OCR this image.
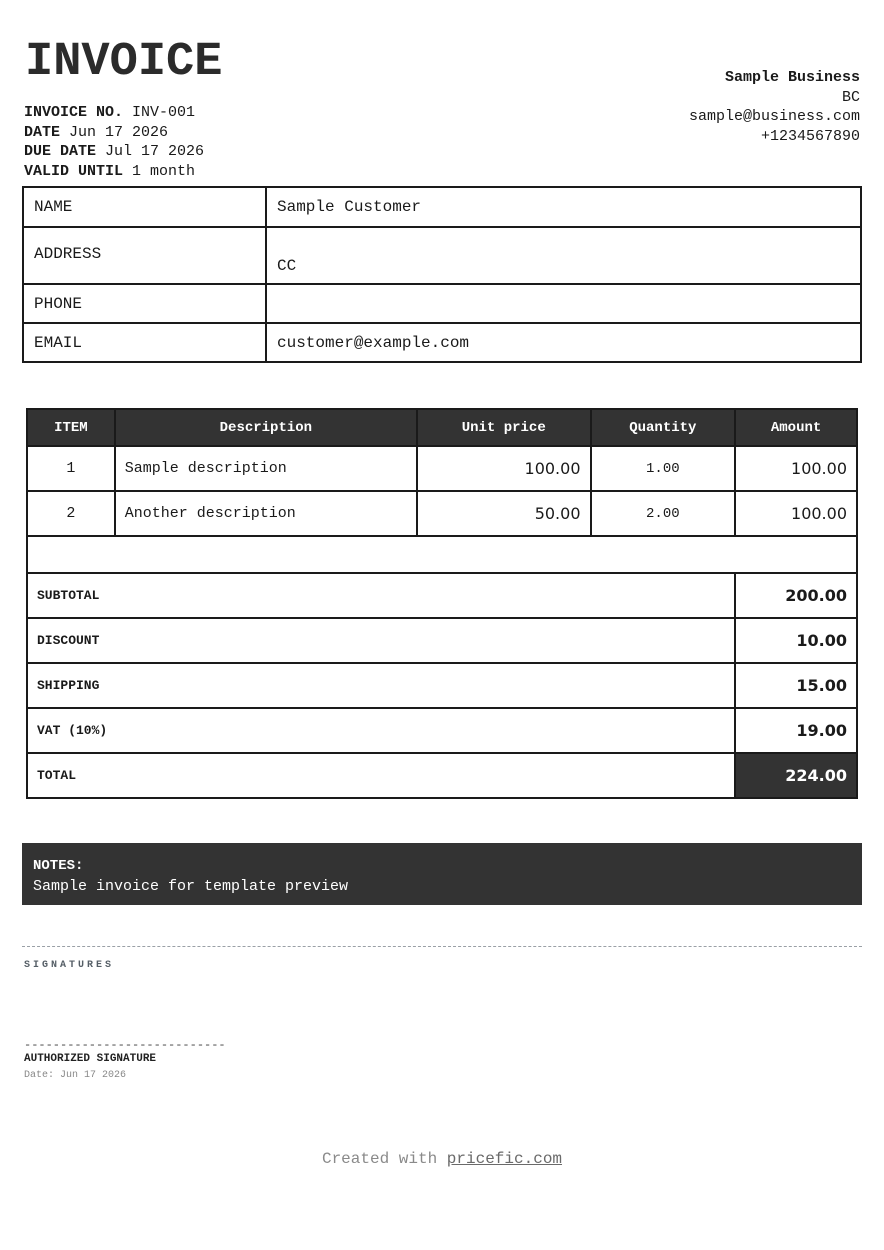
INVOICE
INVOICE NO. INV-001
DATE Jun 17 2026
DUE DATE Jul 17 2026
VALID UNTIL 1 month
Sample Business
BC
sample@business.com
+1234567890
NAME	Sample Customer
ADDRESS	CC
PHONE	
EMAIL	customer@example.com
ITEM	Description	Unit price	Quantity	Amount
1	Sample description	100.00	1.00	100.00
2	Another description	50.00	2.00	100.00

SUBTOTAL				200.00
DISCOUNT				10.00
SHIPPING				15.00
VAT (10%)				19.00
TOTAL				224.00
NOTES:
Sample invoice for template preview
SIGNATURES
----------------------------
AUTHORIZED SIGNATURE
Date: Jun 17 2026
Created with pricefic.com
